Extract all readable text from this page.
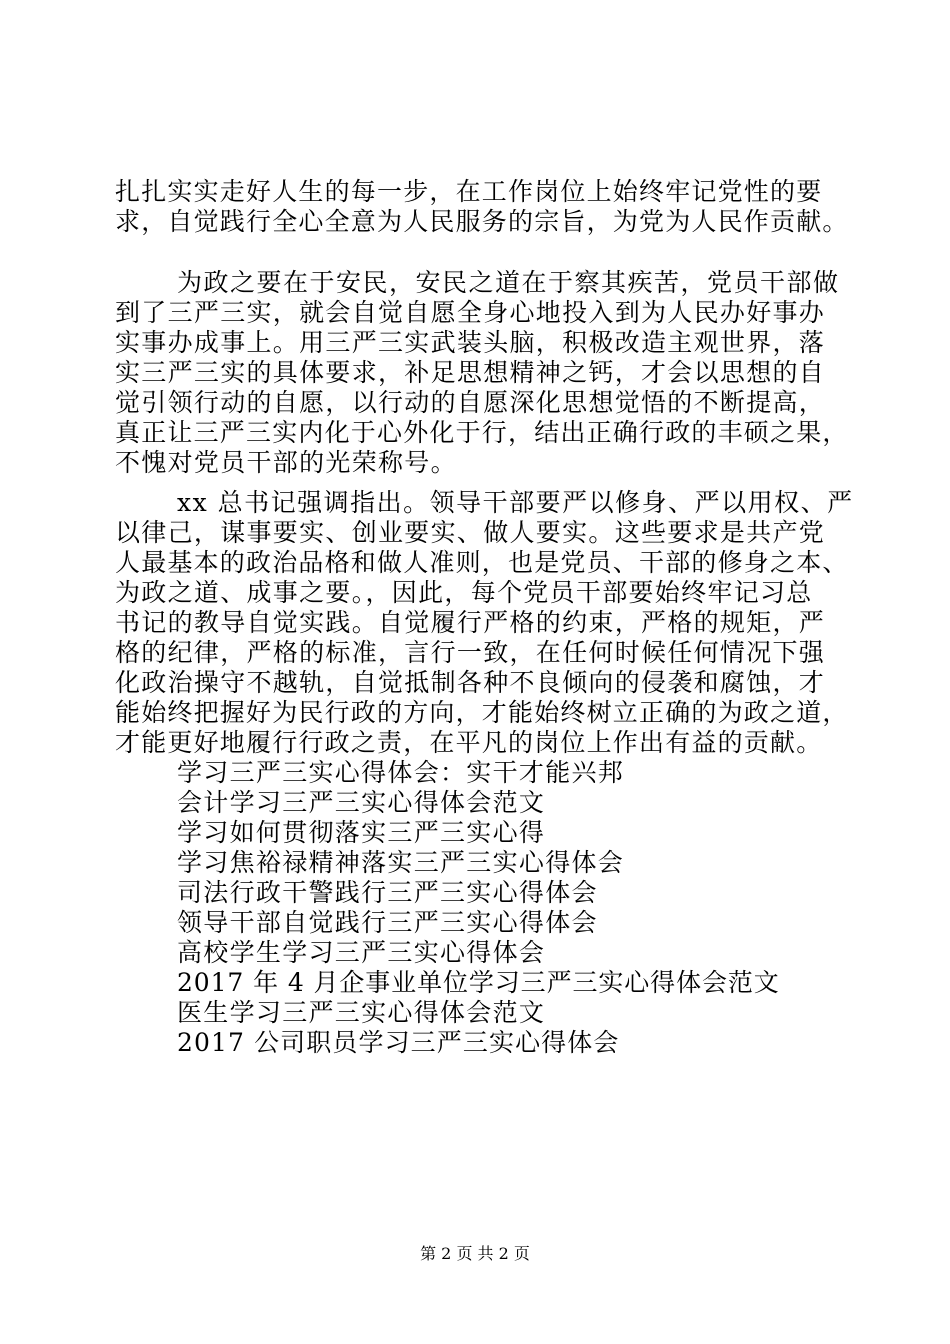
扎扎实实走好人生的每一步，在工作岗位上始终牢记党性的要
求，自觉践行全心全意为人民服务的宗旨，为党为人民作贡献。
为政之要在于安民，安民之道在于察其疾苦，党员干部做
到了三严三实，就会自觉自愿全身心地投入到为人民办好事办
实事办成事上。用三严三实武装头脑，积极改造主观世界，落
实三严三实的具体要求，补足思想精神之钙，才会以思想的自
觉引领行动的自愿，以行动的自愿深化思想觉悟的不断提高，
真正让三严三实内化于心外化于行，结出正确行政的丰硕之果，
不愧对党员干部的光荣称号。
xx 总书记强调指出。领导干部要严以修身、严以用权、严
以律己，谋事要实、创业要实、做人要实。这些要求是共产党
人最基本的政治品格和做人准则，也是党员、干部的修身之本、
为政之道、成事之要。，因此，每个党员干部要始终牢记习总
书记的教导自觉实践。自觉履行严格的约束，严格的规矩，严
格的纪律，严格的标准，言行一致，在任何时候任何情况下强
化政治操守不越轨，自觉抵制各种不良倾向的侵袭和腐蚀，才
能始终把握好为民行政的方向，才能始终树立正确的为政之道，
才能更好地履行行政之责，在平凡的岗位上作出有益的贡献。
学习三严三实心得体会：实干才能兴邦
会计学习三严三实心得体会范文
学习如何贯彻落实三严三实心得
学习焦裕禄精神落实三严三实心得体会
司法行政干警践行三严三实心得体会
领导干部自觉践行三严三实心得体会
高校学生学习三严三实心得体会
2017 年 4 月企事业单位学习三严三实心得体会范文
医生学习三严三实心得体会范文
2017 公司职员学习三严三实心得体会
第 2 页 共 2 页
